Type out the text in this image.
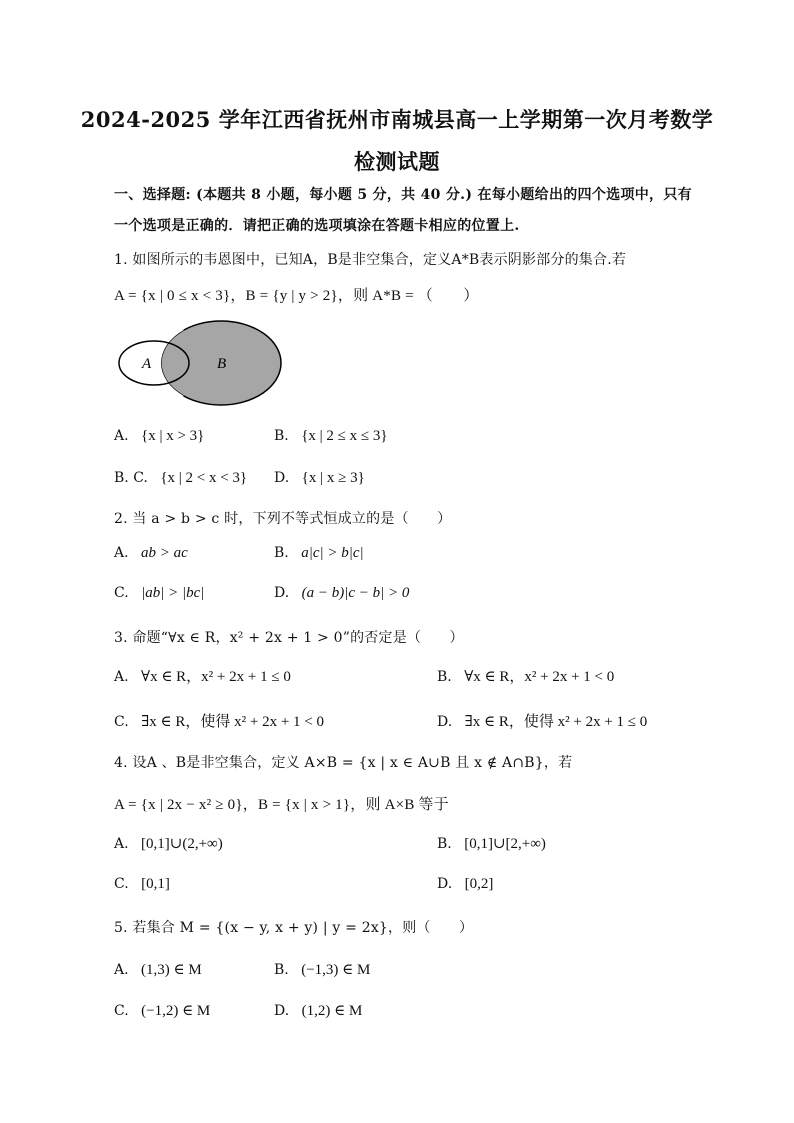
2024-2025 学年江西省抚州市南城县高一上学期第一次月考数学
检测试题
一、选择题: (本题共 8 小题，每小题 5 分，共 40 分.) 在每小题给出的四个选项中，只有
一个选项是正确的．请把正确的选项填涂在答题卡相应的位置上.
1. 如图所示的韦恩图中，已知A，B是非空集合，定义A*B表示阴影部分的集合.若
A = {x | 0 ≤ x < 3}，B = {y | y > 2}，则 A*B = （　　）
A	B
A. {x | x > 3}	B. {x | 2 ≤ x ≤ 3}
B. C. {x | 2 < x < 3} D. {x | x ≥ 3}
2. 当 a > b > c 时，下列不等式恒成立的是（　　）
A. ab > ac	B. a|c| > b|c|
C. |ab| > |bc|	D. (a − b)|c − b| > 0
3. 命题“∀x ∈ R，x² + 2x + 1 > 0”的否定是（　　）
A. ∀x ∈ R，x² + 2x + 1 ≤ 0	B. ∀x ∈ R，x² + 2x + 1 < 0
C. ∃x ∈ R，使得 x² + 2x + 1 < 0	D. ∃x ∈ R，使得 x² + 2x + 1 ≤ 0
4. 设A 、B是非空集合，定义 A×B = {x | x ∈ A∪B 且 x ∉ A∩B}，若
A = {x | 2x − x² ≥ 0}，B = {x | x > 1}，则 A×B 等于
A. [0,1]∪(2,+∞)	B. [0,1]∪[2,+∞)
C. [0,1]	D. [0,2]
5. 若集合 M = {(x − y, x + y) | y = 2x}，则（　　）
A. (1,3) ∈ M	B. (−1,3) ∈ M
C. (−1,2) ∈ M	D. (1,2) ∈ M
